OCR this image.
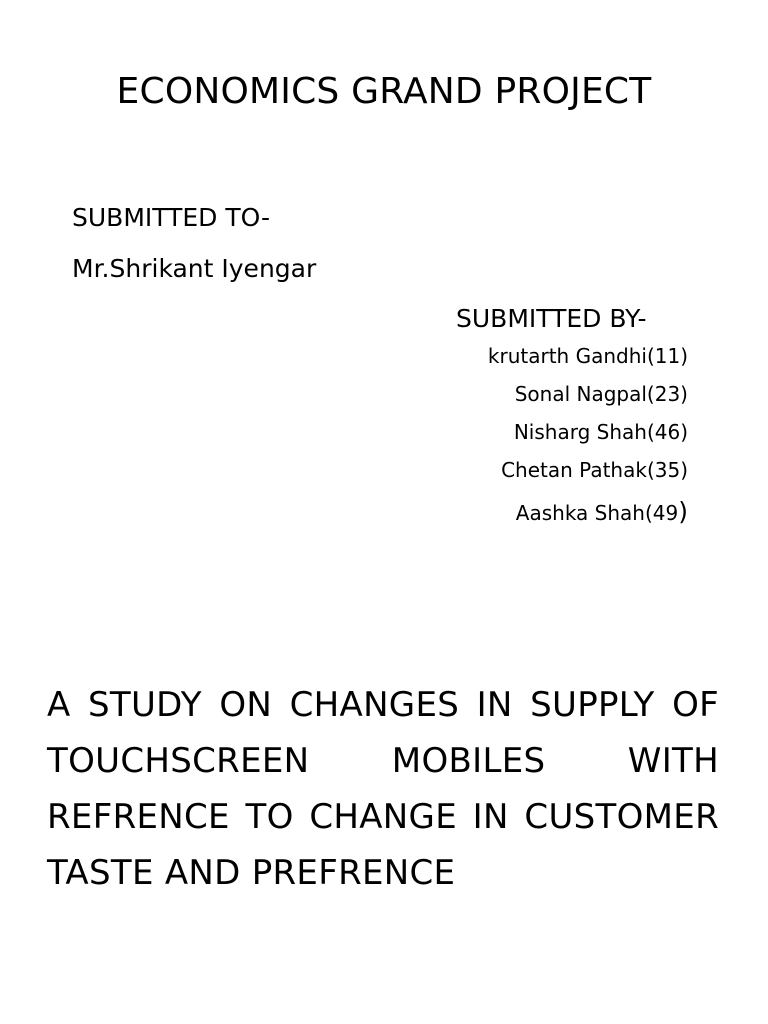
ECONOMICS GRAND PROJECT
SUBMITTED TO-
Mr.Shrikant Iyengar
SUBMITTED BY-
krutarth Gandhi(11)
Sonal Nagpal(23)
Nisharg Shah(46)
Chetan Pathak(35)
Aashka Shah(49)

A STUDY ON CHANGES IN SUPPLY OF TOUCHSCREEN MOBILES WITH REFRENCE TO CHANGE IN CUSTOMER TASTE AND PREFRENCE
